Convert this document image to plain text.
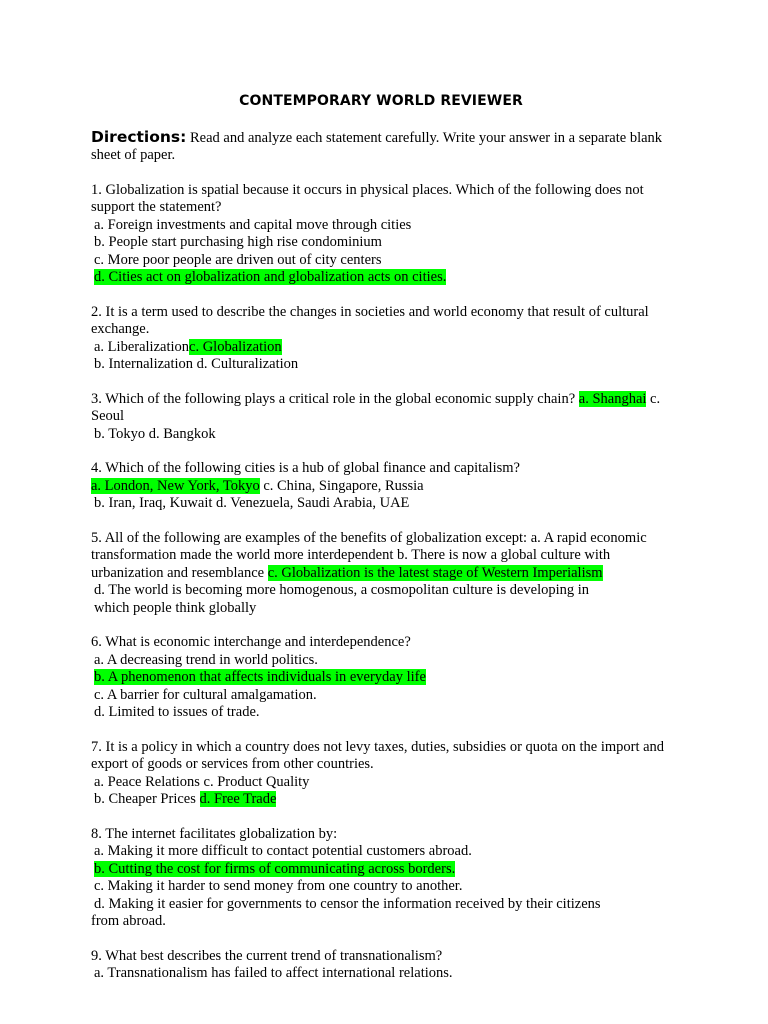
CONTEMPORARY WORLD REVIEWER
Directions: Read and analyze each statement carefully. Write your answer in a separate blank sheet of paper.
1. Globalization is spatial because it occurs in physical places. Which of the following does not support the statement?
a. Foreign investments and capital move through cities
b. People start purchasing high rise condominium
c. More poor people are driven out of city centers
d. Cities act on globalization and globalization acts on cities.
2. It is a term used to describe the changes in societies and world economy that result of cultural exchange.
a. Liberalizationc. Globalization
b. Internalization d. Culturalization
3. Which of the following plays a critical role in the global economic supply chain? a. Shanghai c. Seoul
b. Tokyo d. Bangkok
4. Which of the following cities is a hub of global finance and capitalism?
a. London, New York, Tokyo c. China, Singapore, Russia
b. Iran, Iraq, Kuwait d. Venezuela, Saudi Arabia, UAE
5. All of the following are examples of the benefits of globalization except: a. A rapid economic transformation made the world more interdependent b. There is now a global culture with urbanization and resemblance c. Globalization is the latest stage of Western Imperialism
d. The world is becoming more homogenous, a cosmopolitan culture is developing in
which people think globally
6. What is economic interchange and interdependence?
a. A decreasing trend in world politics.
b. A phenomenon that affects individuals in everyday life
c. A barrier for cultural amalgamation.
d. Limited to issues of trade.
7. It is a policy in which a country does not levy taxes, duties, subsidies or quota on the import and export of goods or services from other countries.
a. Peace Relations c. Product Quality
b. Cheaper Prices d. Free Trade
8. The internet facilitates globalization by:
a. Making it more difficult to contact potential customers abroad.
b. Cutting the cost for firms of communicating across borders.
c. Making it harder to send money from one country to another.
d. Making it easier for governments to censor the information received by their citizens
from abroad.
9. What best describes the current trend of transnationalism?
a. Transnationalism has failed to affect international relations.
